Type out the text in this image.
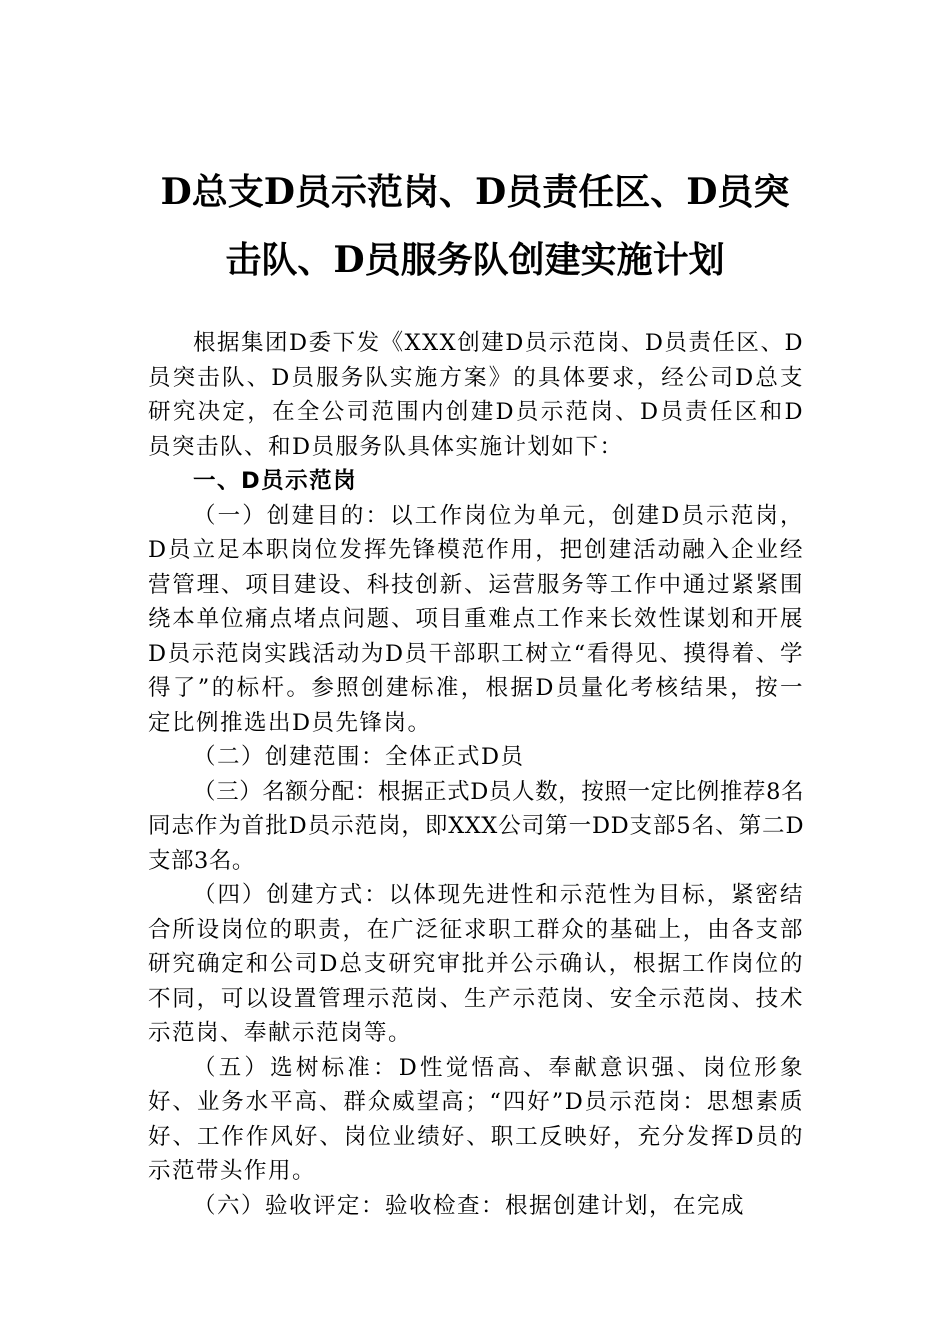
D总支D员示范岗、D员责任区、D员突
击队、D员服务队创建实施计划

根据集团D委下发《XXX创建D员示范岗、D员责任区、D员突击队、D员服务队实施方案》的具体要求，经公司D总支研究决定，在全公司范围内创建D员示范岗、D员责任区和D员突击队、和D员服务队具体实施计划如下：

一、D员示范岗

（一）创建目的：以工作岗位为单元，创建D员示范岗，D员立足本职岗位发挥先锋模范作用，把创建活动融入企业经营管理、项目建设、科技创新、运营服务等工作中通过紧紧围绕本单位痛点堵点问题、项目重难点工作来长效性谋划和开展D员示范岗实践活动为D员干部职工树立“看得见、摸得着、学得了”的标杆。参照创建标准，根据D员量化考核结果，按一定比例推选出D员先锋岗。

（二）创建范围：全体正式D员

（三）名额分配：根据正式D员人数，按照一定比例推荐8名同志作为首批D员示范岗，即XXX公司第一DD支部5名、第二D支部3名。

（四）创建方式：以体现先进性和示范性为目标，紧密结合所设岗位的职责，在广泛征求职工群众的基础上，由各支部研究确定和公司D总支研究审批并公示确认，根据工作岗位的不同，可以设置管理示范岗、生产示范岗、安全示范岗、技术示范岗、奉献示范岗等。

（五）选树标准：D性觉悟高、奉献意识强、岗位形象好、业务水平高、群众威望高；“四好”D员示范岗：思想素质好、工作作风好、岗位业绩好、职工反映好，充分发挥D员的示范带头作用。

（六）验收评定：验收检查：根据创建计划，在完成
